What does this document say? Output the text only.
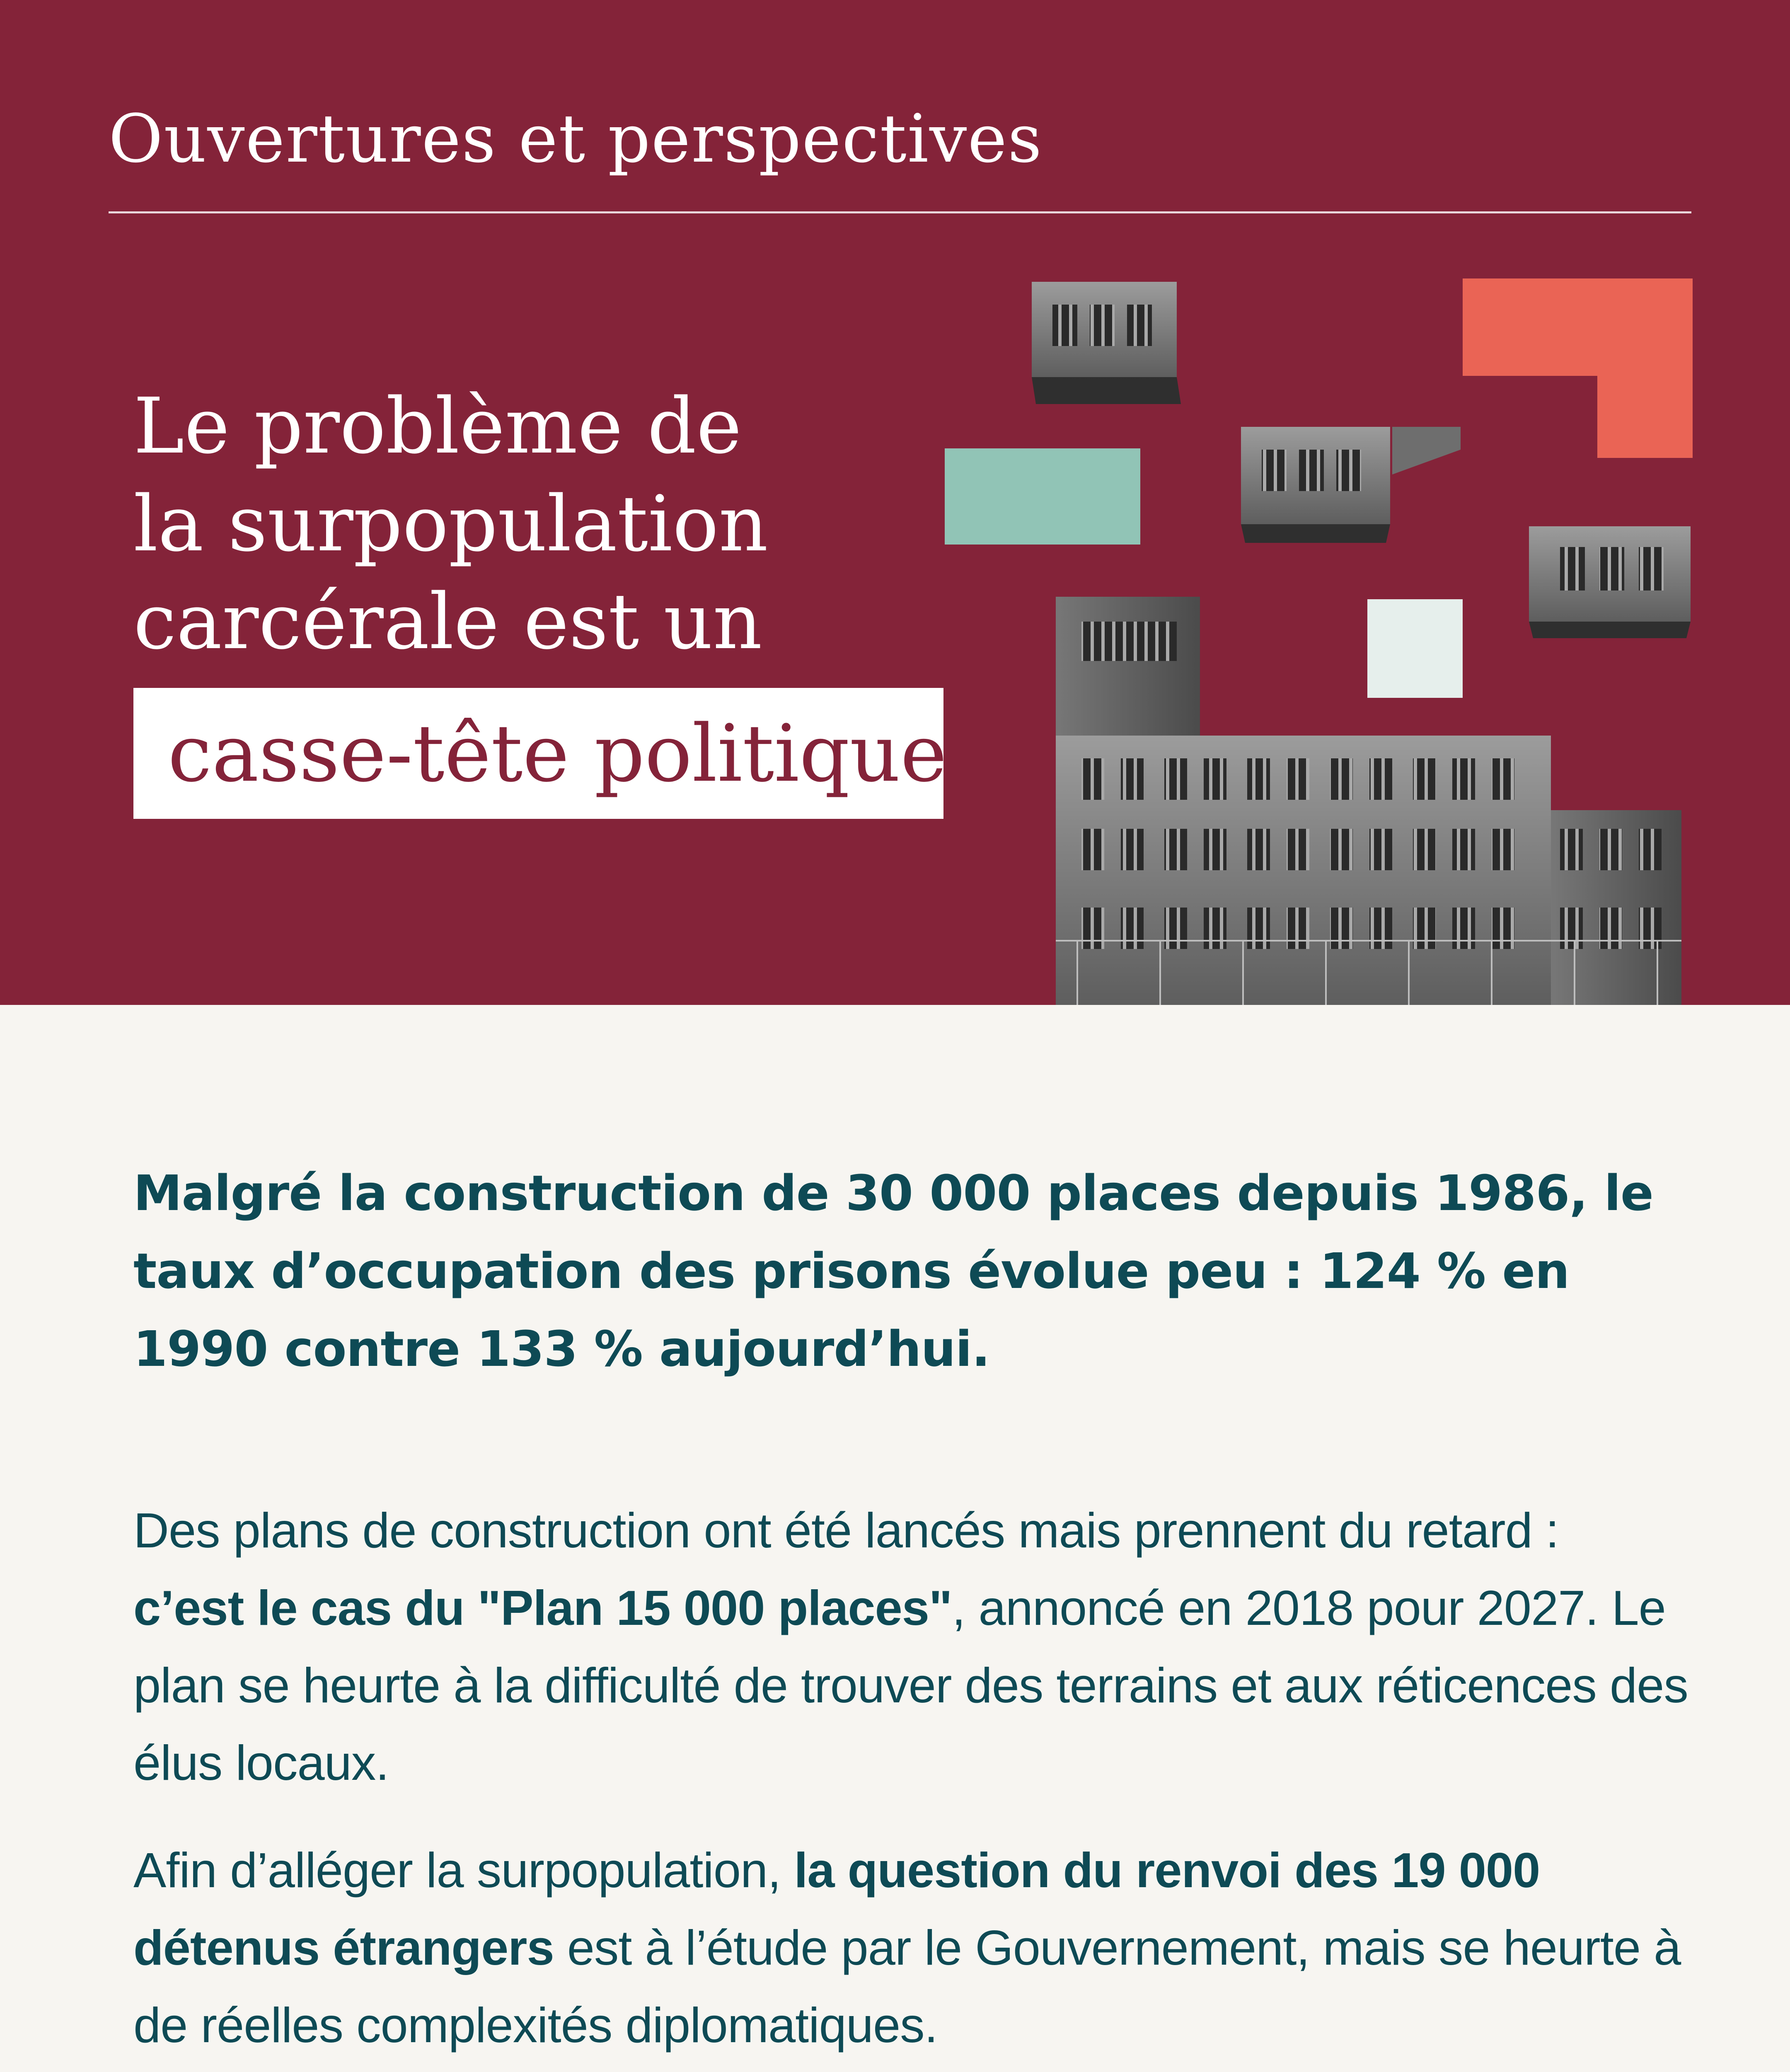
Ouvertures et perspectives
Le problème de
la surpopulation
carcérale est un
casse-tête politique.
Malgré la construction de 30 000 places depuis 1986, le taux d’occupation des prisons évolue peu : 124 % en 1990 contre 133 % aujourd’hui.
Des plans de construction ont été lancés mais prennent du retard :
c’est le cas du "Plan 15 000 places", annoncé en 2018 pour 2027. Le plan se heurte à la difficulté de trouver des terrains et aux réticences des élus locaux.
Afin d’alléger la surpopulation, la question du renvoi des 19 000 détenus étrangers est à l’étude par le Gouvernement, mais se heurte à de réelles complexités diplomatiques.
